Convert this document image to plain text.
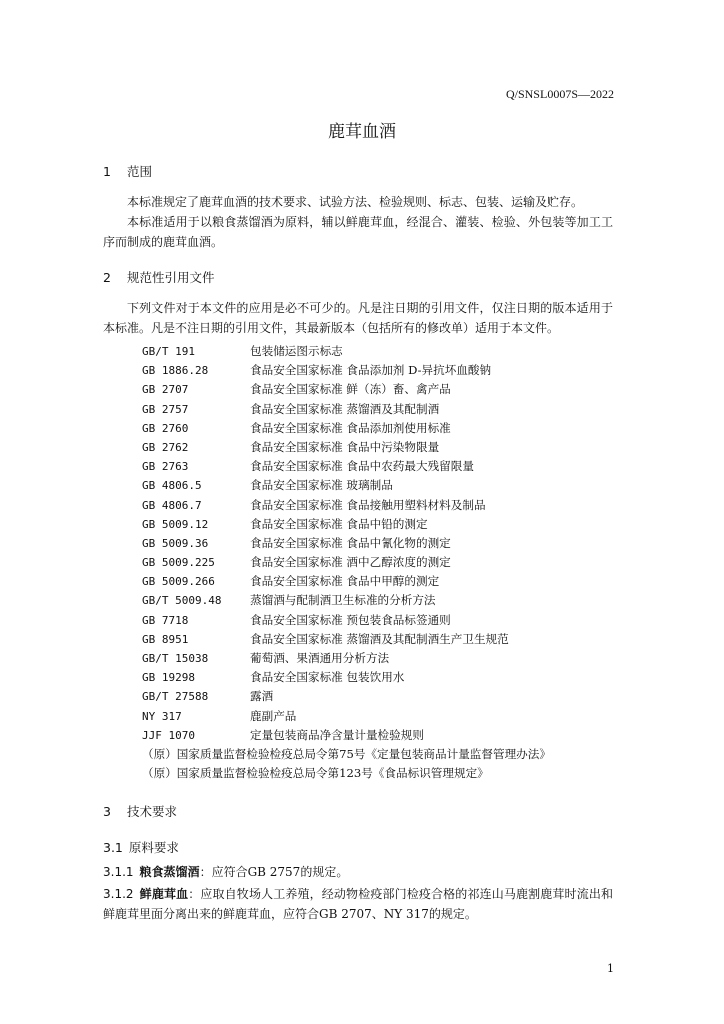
Q/SNSL0007S—2022
鹿茸血酒
1 范围
本标准规定了鹿茸血酒的技术要求、试验方法、检验规则、标志、包装、运输及贮存。
本标准适用于以粮食蒸馏酒为原料，辅以鲜鹿茸血，经混合、灌装、检验、外包装等加工工序而制成的鹿茸血酒。
2 规范性引用文件
下列文件对于本文件的应用是必不可少的。凡是注日期的引用文件，仅注日期的版本适用于本标准。凡是不注日期的引用文件，其最新版本（包括所有的修改单）适用于本文件。
GB/T 191	包装储运图示标志
GB 1886.28	食品安全国家标准 食品添加剂 D-异抗坏血酸钠
GB 2707	食品安全国家标准 鲜（冻）畜、禽产品
GB 2757	食品安全国家标准 蒸馏酒及其配制酒
GB 2760	食品安全国家标准 食品添加剂使用标准
GB 2762	食品安全国家标准 食品中污染物限量
GB 2763	食品安全国家标准 食品中农药最大残留限量
GB 4806.5	食品安全国家标准 玻璃制品
GB 4806.7	食品安全国家标准 食品接触用塑料材料及制品
GB 5009.12	食品安全国家标准 食品中铅的测定
GB 5009.36	食品安全国家标准 食品中氰化物的测定
GB 5009.225	食品安全国家标准 酒中乙醇浓度的测定
GB 5009.266	食品安全国家标准 食品中甲醇的测定
GB/T 5009.48 蒸馏酒与配制酒卫生标准的分析方法
GB 7718	食品安全国家标准 预包装食品标签通则
GB 8951	食品安全国家标准 蒸馏酒及其配制酒生产卫生规范
GB/T 15038	葡萄酒、果酒通用分析方法
GB 19298	食品安全国家标准 包装饮用水
GB/T 27588	露酒
NY 317	鹿副产品
JJF 1070	定量包装商品净含量计量检验规则
（原）国家质量监督检验检疫总局令第75号《定量包装商品计量监督管理办法》
（原）国家质量监督检验检疫总局令第123号《食品标识管理规定》
3 技术要求
3.1 原料要求
3.1.1 粮食蒸馏酒：应符合GB 2757的规定。
3.1.2 鲜鹿茸血：应取自牧场人工养殖，经动物检疫部门检疫合格的祁连山马鹿割鹿茸时流出和鲜鹿茸里面分离出来的鲜鹿茸血，应符合GB 2707、NY 317的规定。
1
